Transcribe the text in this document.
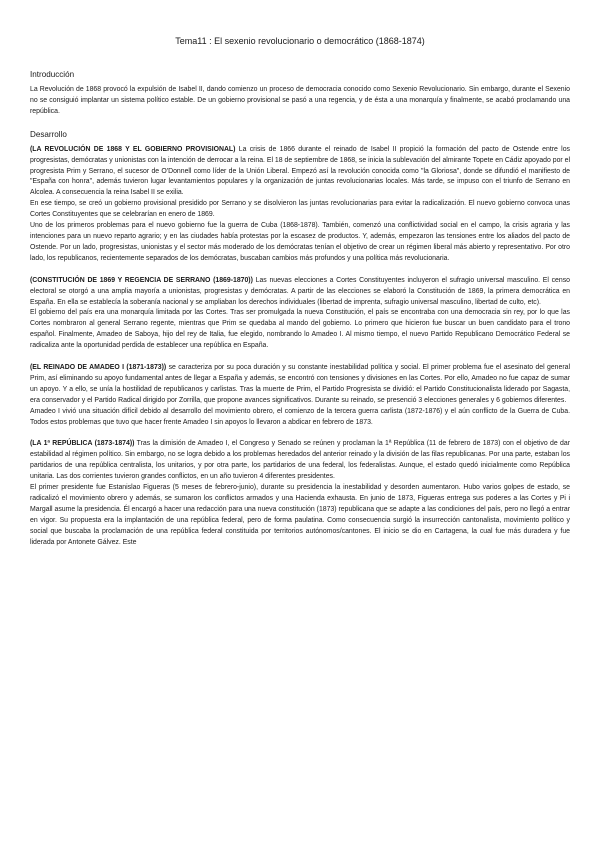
Tema11 : El sexenio revolucionario o democrático (1868-1874)
Introducción

La Revolución de 1868 provocó la expulsión de Isabel II, dando comienzo un proceso de democracia conocido como Sexenio Revolucionario. Sin embargo, durante el Sexenio no se consiguió implantar un sistema político estable. De un gobierno provisional se pasó a una regencia, y de ésta a una monarquía y finalmente, se acabó proclamando una república.

Desarrollo

(LA REVOLUCIÓN DE 1868 Y EL GOBIERNO PROVISIONAL) La crisis de 1866 durante el reinado de Isabel II propició la formación del pacto de Ostende entre los progresistas, demócratas y unionistas con la intención de derrocar a la reina. El 18 de septiembre de 1868, se inicia la sublevación del almirante Topete en Cádiz apoyado por el progresista Prim y Serrano, el sucesor de O'Donnell como líder de la Unión Liberal. Empezó así la revolución conocida como "la Gloriosa", donde se difundió el manifiesto de "España con honra", además tuvieron lugar levantamientos populares y la organización de juntas revolucionarias locales. Más tarde, se impuso con el triunfo de Serrano en Alcolea. A consecuencia la reina Isabel II se exilia.

En ese tiempo, se creó un gobierno provisional presidido por Serrano y se disolvieron las juntas revolucionarias para evitar la radicalización. El nuevo gobierno convoca unas Cortes Constituyentes que se celebrarían en enero de 1869.

Uno de los primeros problemas para el nuevo gobierno fue la guerra de Cuba (1868-1878). También, comenzó una conflictividad social en el campo, la crisis agraria y las intenciones para un nuevo reparto agrario; y en las ciudades había protestas por la escasez de productos. Y, además, empezaron las tensiones entre los aliados del pacto de Ostende. Por un lado, progresistas, unionistas y el sector más moderado de los demócratas tenían el objetivo de crear un régimen liberal más abierto y representativo. Por otro lado, los republicanos, recientemente separados de los demócratas, buscaban cambios más profundos y una política más revolucionaria.

(CONSTITUCIÓN DE 1869 Y REGENCIA DE SERRANO (1869-1870)) Las nuevas elecciones a Cortes Constituyentes incluyeron el sufragio universal masculino. El censo electoral se otorgó a una amplia mayoría a unionistas, progresistas y demócratas. A partir de las elecciones se elaboró la Constitución de 1869, la primera democrática en España. En ella se establecía la soberanía nacional y se ampliaban los derechos individuales (libertad de imprenta, sufragio universal masculino, libertad de culto, etc).

El gobierno del país era una monarquía limitada por las Cortes. Tras ser promulgada la nueva Constitución, el país se encontraba con una democracia sin rey, por lo que las Cortes nombraron al general Serrano regente, mientras que Prim se quedaba al mando del gobierno. Lo primero que hicieron fue buscar un buen candidato para el trono español. Finalmente, Amadeo de Saboya, hijo del rey de Italia, fue elegido, nombrando lo Amadeo I. Al mismo tiempo, el nuevo Partido Republicano Democrático Federal se radicaliza ante la oportunidad perdida de establecer una república en España.

(EL REINADO DE AMADEO I (1871-1873)) se caracteriza por su poca duración y su constante inestabilidad política y social. El primer problema fue el asesinato del general Prim, así eliminando su apoyo fundamental antes de llegar a España y además, se encontró con tensiones y divisiones en las Cortes. Por ello, Amadeo no fue capaz de sumar un apoyo. Y a ello, se unía la hostilidad de republicanos y carlistas. Tras la muerte de Prim, el Partido Progresista se dividió: el Partido Constitucionalista liderado por Sagasta, era conservador y el Partido Radical dirigido por Zorrilla, que propone avances significativos. Durante su reinado, se presenció 3 elecciones generales y 6 gobiernos diferentes.

Amadeo I vivió una situación difícil debido al desarrollo del movimiento obrero, el comienzo de la tercera guerra carlista (1872-1876) y el aún conflicto de la Guerra de Cuba. Todos estos problemas que tuvo que hacer frente Amadeo I sin apoyos lo llevaron a abdicar en febrero de 1873.

(LA 1ª REPÚBLICA (1873-1874)) Tras la dimisión de Amadeo I, el Congreso y Senado se reúnen y proclaman la 1ª República (11 de febrero de 1873) con el objetivo de dar estabilidad al régimen político. Sin embargo, no se logra debido a los problemas heredados del anterior reinado y la división de las filas republicanas. Por una parte, estaban los partidarios de una república centralista, los unitarios, y por otra parte, los partidarios de una federal, los federalistas. Aunque, el estado quedó inicialmente como República unitaria. Las dos corrientes tuvieron grandes conflictos, en un año tuvieron 4 diferentes presidentes.

El primer presidente fue Estanislao Figueras (5 meses de febrero-junio), durante su presidencia la inestabilidad y desorden aumentaron. Hubo varios golpes de estado, se radicalizó el movimiento obrero y además, se sumaron los conflictos armados y una Hacienda exhausta. En junio de 1873, Figueras entrega sus poderes a las Cortes y Pi i Margall asume la presidencia. Él encargó a hacer una redacción para una nueva constitución (1873) republicana que se adapte a las condiciones del país, pero no llegó a entrar en vigor. Su propuesta era la implantación de una república federal, pero de forma paulatina. Como consecuencia surgió la insurrección cantonalista, movimiento político y social que buscaba la proclamación de una república federal constituida por territorios autónomos/cantones. El inicio se dio en Cartagena, la cual fue más duradera y fue liderada por Antonete Gálvez. Este
